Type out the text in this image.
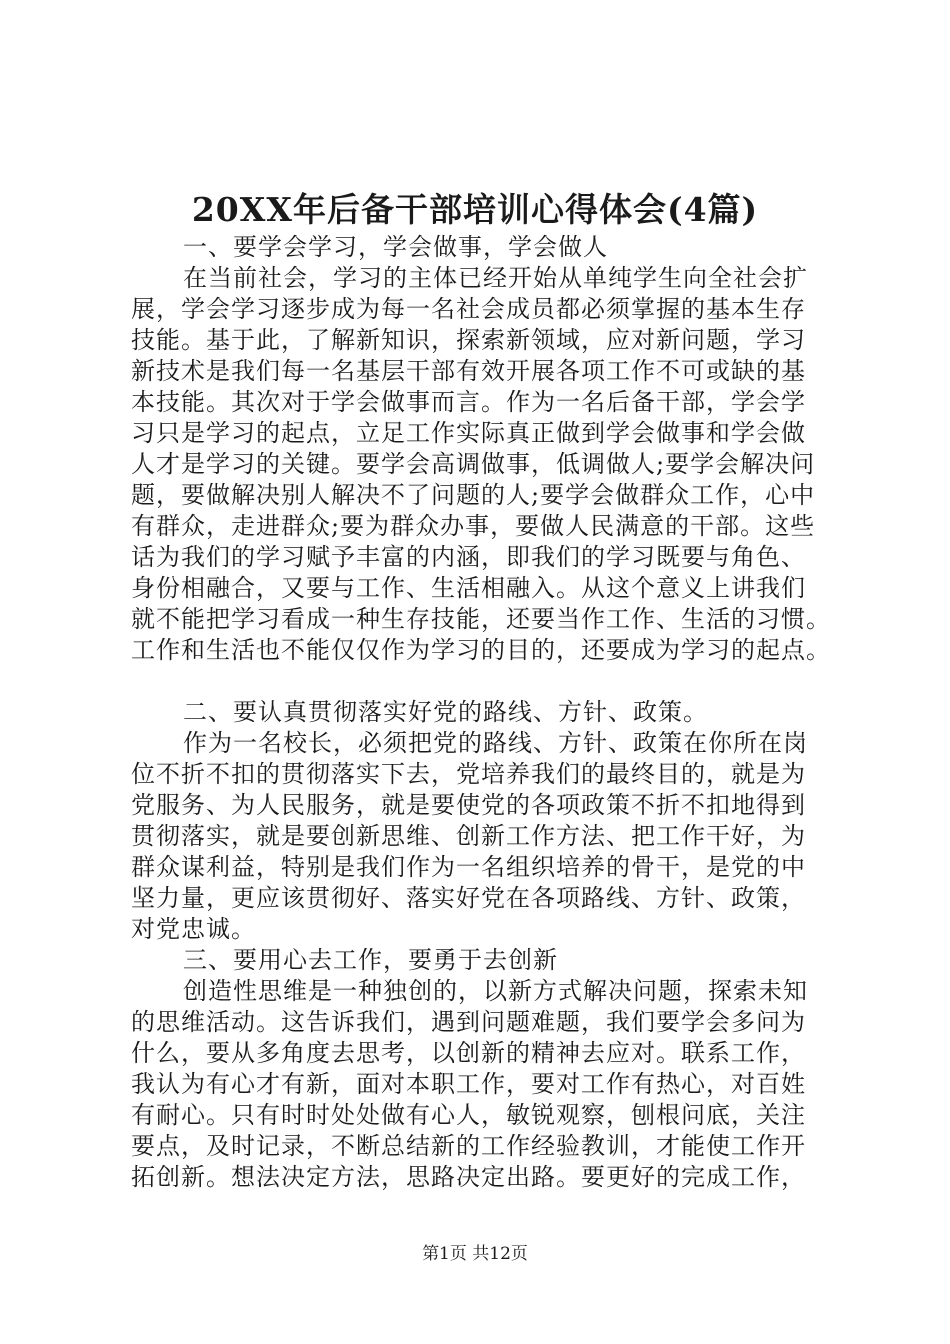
20XX年后备干部培训心得体会(4篇)
一、要学会学习，学会做事，学会做人
在当前社会，学习的主体已经开始从单纯学生向全社会扩
展，学会学习逐步成为每一名社会成员都必须掌握的基本生存
技能。基于此，了解新知识，探索新领域，应对新问题，学习
新技术是我们每一名基层干部有效开展各项工作不可或缺的基
本技能。其次对于学会做事而言。作为一名后备干部，学会学
习只是学习的起点，立足工作实际真正做到学会做事和学会做
人才是学习的关键。要学会高调做事，低调做人;要学会解决问
题，要做解决别人解决不了问题的人;要学会做群众工作，心中
有群众，走进群众;要为群众办事，要做人民满意的干部。这些
话为我们的学习赋予丰富的内涵，即我们的学习既要与角色、
身份相融合，又要与工作、生活相融入。从这个意义上讲我们
就不能把学习看成一种生存技能，还要当作工作、生活的习惯。
工作和生活也不能仅仅作为学习的目的，还要成为学习的起点。
二、要认真贯彻落实好党的路线、方针、政策。
作为一名校长，必须把党的路线、方针、政策在你所在岗
位不折不扣的贯彻落实下去，党培养我们的最终目的，就是为
党服务、为人民服务，就是要使党的各项政策不折不扣地得到
贯彻落实，就是要创新思维、创新工作方法、把工作干好，为
群众谋利益，特别是我们作为一名组织培养的骨干，是党的中
坚力量，更应该贯彻好、落实好党在各项路线、方针、政策，
对党忠诚。
三、要用心去工作，要勇于去创新
创造性思维是一种独创的，以新方式解决问题，探索未知
的思维活动。这告诉我们，遇到问题难题，我们要学会多问为
什么，要从多角度去思考，以创新的精神去应对。联系工作，
我认为有心才有新，面对本职工作，要对工作有热心，对百姓
有耐心。只有时时处处做有心人，敏锐观察，刨根问底，关注
要点，及时记录，不断总结新的工作经验教训，才能使工作开
拓创新。想法决定方法，思路决定出路。要更好的完成工作，
第1页 共12页
